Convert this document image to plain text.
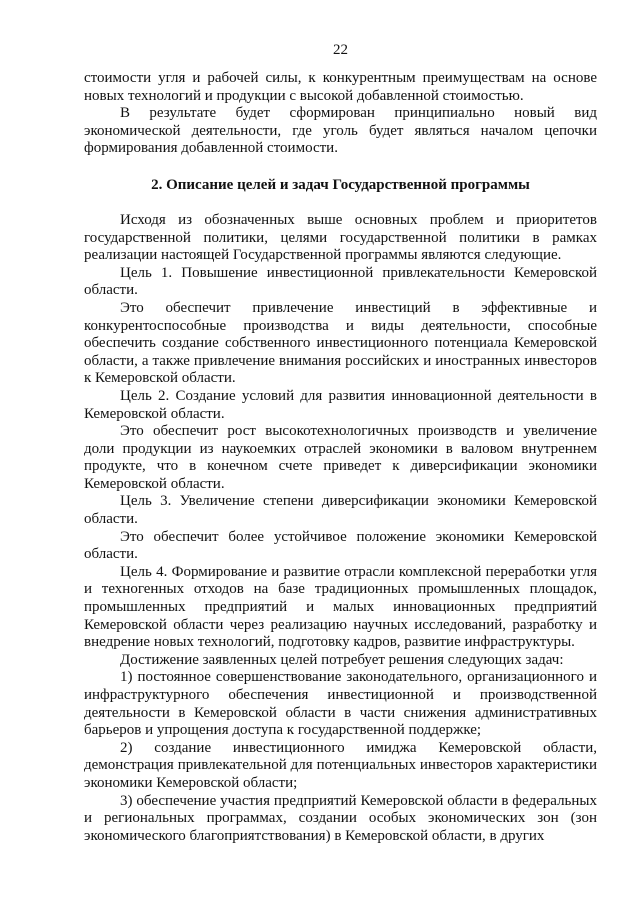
22

стоимости угля и рабочей силы, к конкурентным преимуществам на основе новых технологий и продукции с высокой добавленной стоимостью.

В результате будет сформирован принципиально новый вид экономической деятельности, где уголь будет являться началом цепочки формирования добавленной стоимости.

2. Описание целей и задач Государственной программы

Исходя из обозначенных выше основных проблем и приоритетов государственной политики, целями государственной политики в рамках реализации настоящей Государственной программы являются следующие.

Цель 1. Повышение инвестиционной привлекательности Кемеровской области.

Это обеспечит привлечение инвестиций в эффективные и конкурентоспособные производства и виды деятельности, способные обеспечить создание собственного инвестиционного потенциала Кемеровской области, а также привлечение внимания российских и иностранных инвесторов к Кемеровской области.

Цель 2. Создание условий для развития инновационной деятельности в Кемеровской области.

Это обеспечит рост высокотехнологичных производств и увеличение доли продукции из наукоемких отраслей экономики в валовом внутреннем продукте, что в конечном счете приведет к диверсификации экономики Кемеровской области.

Цель 3. Увеличение степени диверсификации экономики Кемеровской области.

Это обеспечит более устойчивое положение экономики Кемеровской области.

Цель 4. Формирование и развитие отрасли комплексной переработки угля и техногенных отходов на базе традиционных промышленных площадок, промышленных предприятий и малых инновационных предприятий Кемеровской области через реализацию научных исследований, разработку и внедрение новых технологий, подготовку кадров, развитие инфраструктуры.

Достижение заявленных целей потребует решения следующих задач:

1) постоянное совершенствование законодательного, организационного и инфраструктурного обеспечения инвестиционной и производственной деятельности в Кемеровской области в части снижения административных барьеров и упрощения доступа к государственной поддержке;

2) создание инвестиционного имиджа Кемеровской области, демонстрация привлекательной для потенциальных инвесторов характеристики экономики Кемеровской области;

3) обеспечение участия предприятий Кемеровской области в федеральных и региональных программах, создании особых экономических зон (зон экономического благоприятствования) в Кемеровской области, в других
